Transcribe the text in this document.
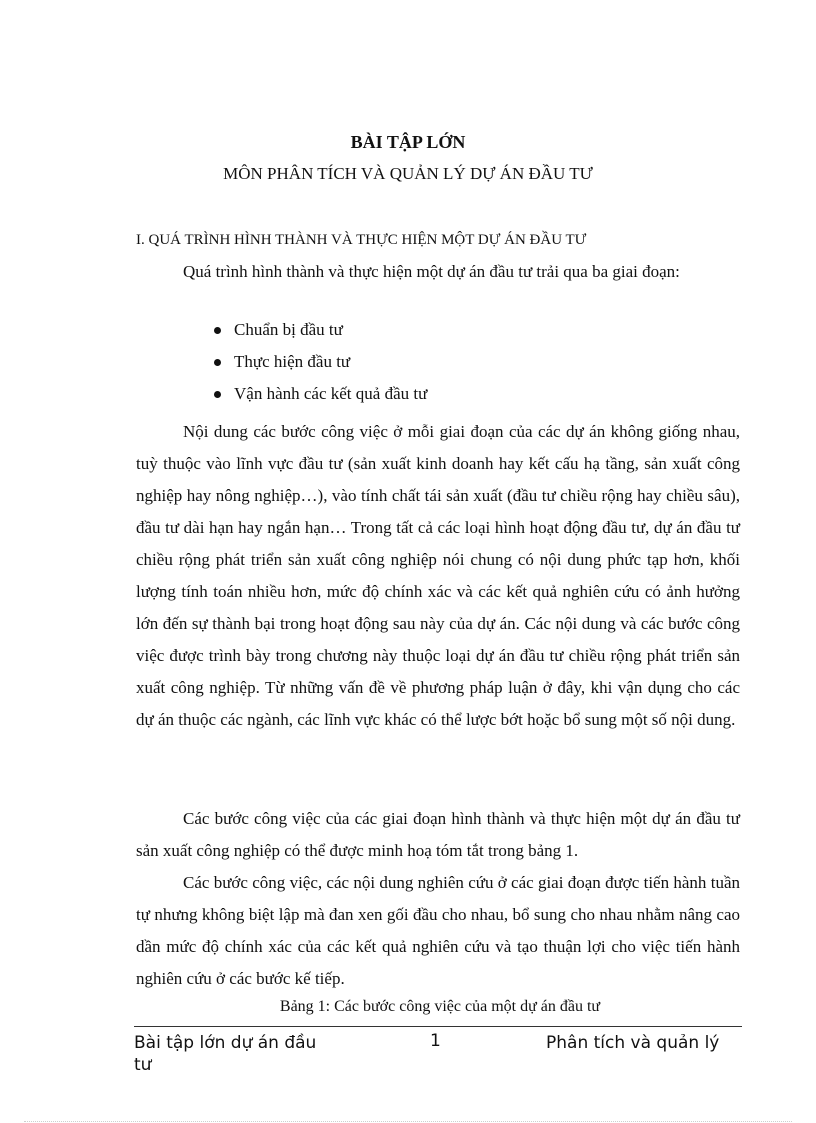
BÀI TẬP LỚN
MÔN PHÂN TÍCH VÀ QUẢN LÝ DỰ ÁN ĐẦU TƯ
I. QUÁ TRÌNH HÌNH THÀNH VÀ THỰC HIỆN MỘT DỰ ÁN ĐẦU TƯ

Quá trình hình thành và thực hiện một dự án đầu tư trải qua ba giai đoạn:

Chuẩn bị đầu tư
Thực hiện đầu tư
Vận hành các kết quả đầu tư

Nội dung các bước công việc ở mỗi giai đoạn của các dự án không giống nhau, tuỳ thuộc vào lĩnh vực đầu tư (sản xuất kinh doanh hay kết cấu hạ tầng, sản xuất công nghiệp hay nông nghiệp…), vào tính chất tái sản xuất (đầu tư chiều rộng hay chiều sâu), đầu tư dài hạn hay ngắn hạn… Trong tất cả các loại hình hoạt động đầu tư, dự án đầu tư chiều rộng phát triển sản xuất công nghiệp nói chung có nội dung phức tạp hơn, khối lượng tính toán nhiều hơn, mức độ chính xác và các kết quả nghiên cứu có ảnh hưởng lớn đến sự thành bại trong hoạt động sau này của dự án. Các nội dung và các bước công việc được trình bày trong chương này thuộc loại dự án đầu tư chiều rộng phát triển sản xuất công nghiệp. Từ những vấn đề về phương pháp luận ở đây, khi vận dụng cho các dự án thuộc các ngành, các lĩnh vực khác có thể lược bớt hoặc bổ sung một số nội dung.

Các bước công việc của các giai đoạn hình thành và thực hiện một dự án đầu tư sản xuất công nghiệp có thể được minh hoạ tóm tắt trong bảng 1.

Các bước công việc, các nội dung nghiên cứu ở các giai đoạn được tiến hành tuần tự nhưng không biệt lập mà đan xen gối đầu cho nhau, bổ sung cho nhau nhằm nâng cao dần mức độ chính xác của các kết quả nghiên cứu và tạo thuận lợi cho việc tiến hành nghiên cứu ở các bước kế tiếp.

Bảng 1: Các bước công việc của một dự án đầu tư

Bài tập lớn dự án đầu tư
1	Phân tích và quản lý
